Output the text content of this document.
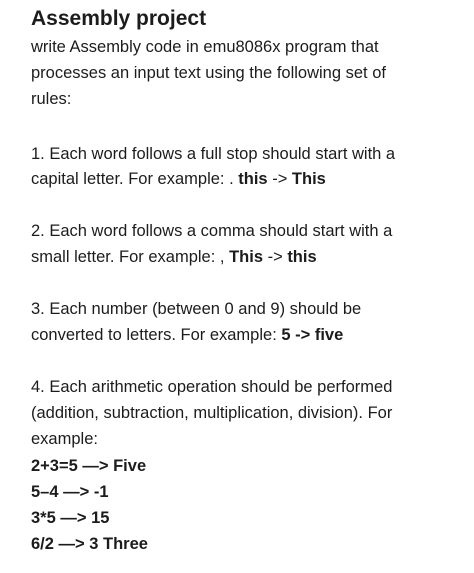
Assembly project
write Assembly code in emu8086x program that
processes an input text using the following set of
rules:
1. Each word follows a full stop should start with a
capital letter. For example: . this -> This
2. Each word follows a comma should start with a
small letter. For example: , This -> this
3. Each number (between 0 and 9) should be
converted to letters. For example: 5 -> five
4. Each arithmetic operation should be performed
(addition, subtraction, multiplication, division). For
example:
2+3=5 —> Five
5–4 —> -1
3*5 —> 15
6/2 —> 3 Three
